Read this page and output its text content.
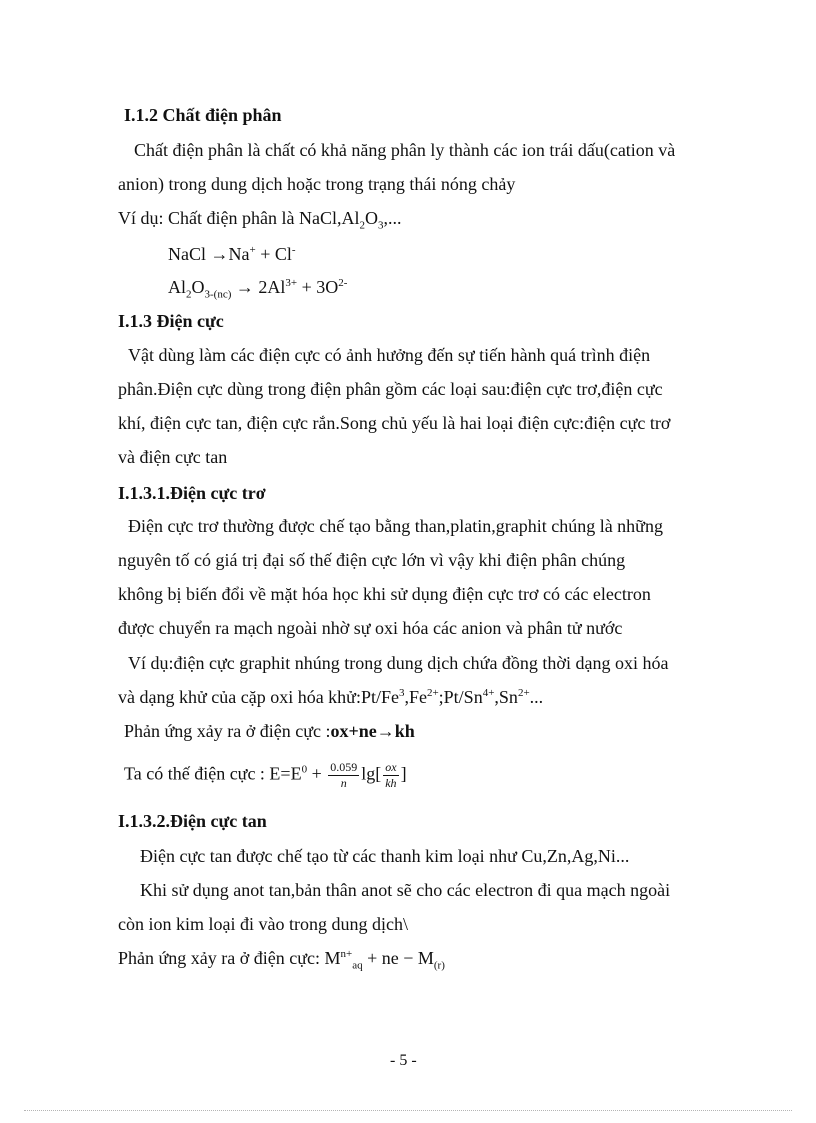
I.1.2 Chất điện phân
Chất điện phân là chất có khả năng phân ly thành các ion trái dấu(cation và
anion) trong dung dịch hoặc trong trạng thái nóng chảy
Ví dụ: Chất điện phân là $NaCl,Al_2O_3$,...
NaCl →Na+ + Cl-
$Al_2O_{3-(nc)} \to 2Al^{3+} + 3O^{2-}$
I.1.3 Điện cực
Vật dùng làm các điện cực có ảnh hưởng đến sự tiến hành quá trình điện
phân.Điện cực dùng trong điện phân gồm các loại sau:điện cực trơ,điện cực
khí, điện cực tan, điện cực rắn.Song chủ yếu là hai loại điện cực:điện cực trơ
và điện cực tan
I.1.3.1.Điện cực trơ
Điện cực trơ thường được chế tạo bằng than,platin,graphit chúng là những
nguyên tố có giá trị đại số thế điện cực lớn vì vậy khi điện phân chúng
không bị biến đổi về mặt hóa học khi sử dụng điện cực trơ có các electron
được chuyển ra mạch ngoài nhờ sự oxi hóa các anion và phân tử nước
Ví dụ:điện cực graphit nhúng trong dung dịch chứa đồng thời dạng oxi hóa
và dạng khử của cặp oxi hóa $khử:Pt/Fe^3,Fe^{2+};Pt/Sn^{4+},Sn^{2+}$...
Phản ứng xảy ra ở điện cực :ox+ne→kh
Ta có thế điện cực : $E=E^0 + \frac{0.059}{n} \lg[ \frac{ox}{kh}$ ]
I.1.3.2.Điện cực tan
Điện cực tan được chế tạo từ các thanh kim loại như Cu,Zn,Ag,Ni...
Khi sử dụng anot tan,bản thân anot sẽ cho các electron đi qua mạch ngoài
còn ion kim loại đi vào trong dung dịch\
Phản ứng xảy ra ở điện cực: $M^{n+}_{aq}$ + ne − $M_{(r)}$
- 5 -
